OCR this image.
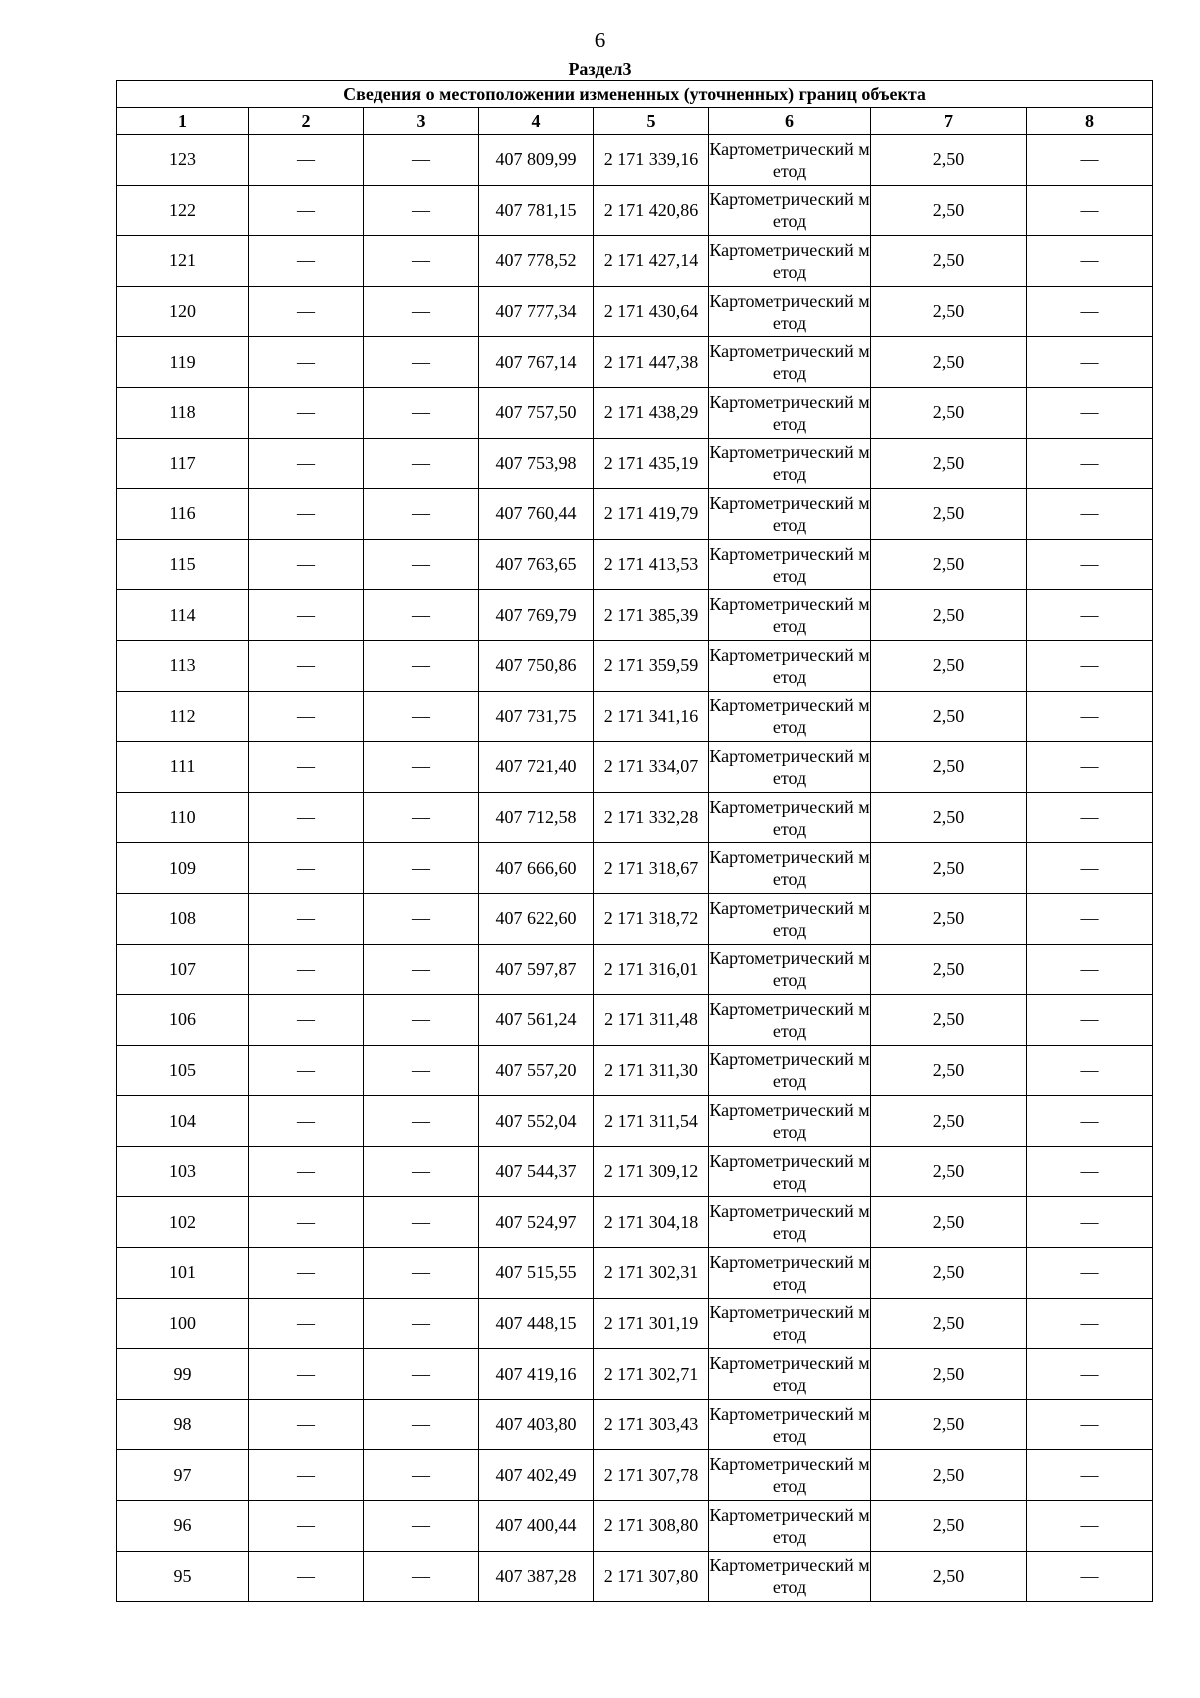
6
Раздел3
Сведения о местоположении измененных (уточненных) границ объекта							
1	2	3	4	5	6	7	8
123	—	—	407 809,99	2 171 339,16	Картометрический метод	2,50	—
122	—	—	407 781,15	2 171 420,86	Картометрический метод	2,50	—
121	—	—	407 778,52	2 171 427,14	Картометрический метод	2,50	—
120	—	—	407 777,34	2 171 430,64	Картометрический метод	2,50	—
119	—	—	407 767,14	2 171 447,38	Картометрический метод	2,50	—
118	—	—	407 757,50	2 171 438,29	Картометрический метод	2,50	—
117	—	—	407 753,98	2 171 435,19	Картометрический метод	2,50	—
116	—	—	407 760,44	2 171 419,79	Картометрический метод	2,50	—
115	—	—	407 763,65	2 171 413,53	Картометрический метод	2,50	—
114	—	—	407 769,79	2 171 385,39	Картометрический метод	2,50	—
113	—	—	407 750,86	2 171 359,59	Картометрический метод	2,50	—
112	—	—	407 731,75	2 171 341,16	Картометрический метод	2,50	—
111	—	—	407 721,40	2 171 334,07	Картометрический метод	2,50	—
110	—	—	407 712,58	2 171 332,28	Картометрический метод	2,50	—
109	—	—	407 666,60	2 171 318,67	Картометрический метод	2,50	—
108	—	—	407 622,60	2 171 318,72	Картометрический метод	2,50	—
107	—	—	407 597,87	2 171 316,01	Картометрический метод	2,50	—
106	—	—	407 561,24	2 171 311,48	Картометрический метод	2,50	—
105	—	—	407 557,20	2 171 311,30	Картометрический метод	2,50	—
104	—	—	407 552,04	2 171 311,54	Картометрический метод	2,50	—
103	—	—	407 544,37	2 171 309,12	Картометрический метод	2,50	—
102	—	—	407 524,97	2 171 304,18	Картометрический метод	2,50	—
101	—	—	407 515,55	2 171 302,31	Картометрический метод	2,50	—
100	—	—	407 448,15	2 171 301,19	Картометрический метод	2,50	—
99	—	—	407 419,16	2 171 302,71	Картометрический метод	2,50	—
98	—	—	407 403,80	2 171 303,43	Картометрический метод	2,50	—
97	—	—	407 402,49	2 171 307,78	Картометрический метод	2,50	—
96	—	—	407 400,44	2 171 308,80	Картометрический метод	2,50	—
95	—	—	407 387,28	2 171 307,80	Картометрический метод	2,50	—
